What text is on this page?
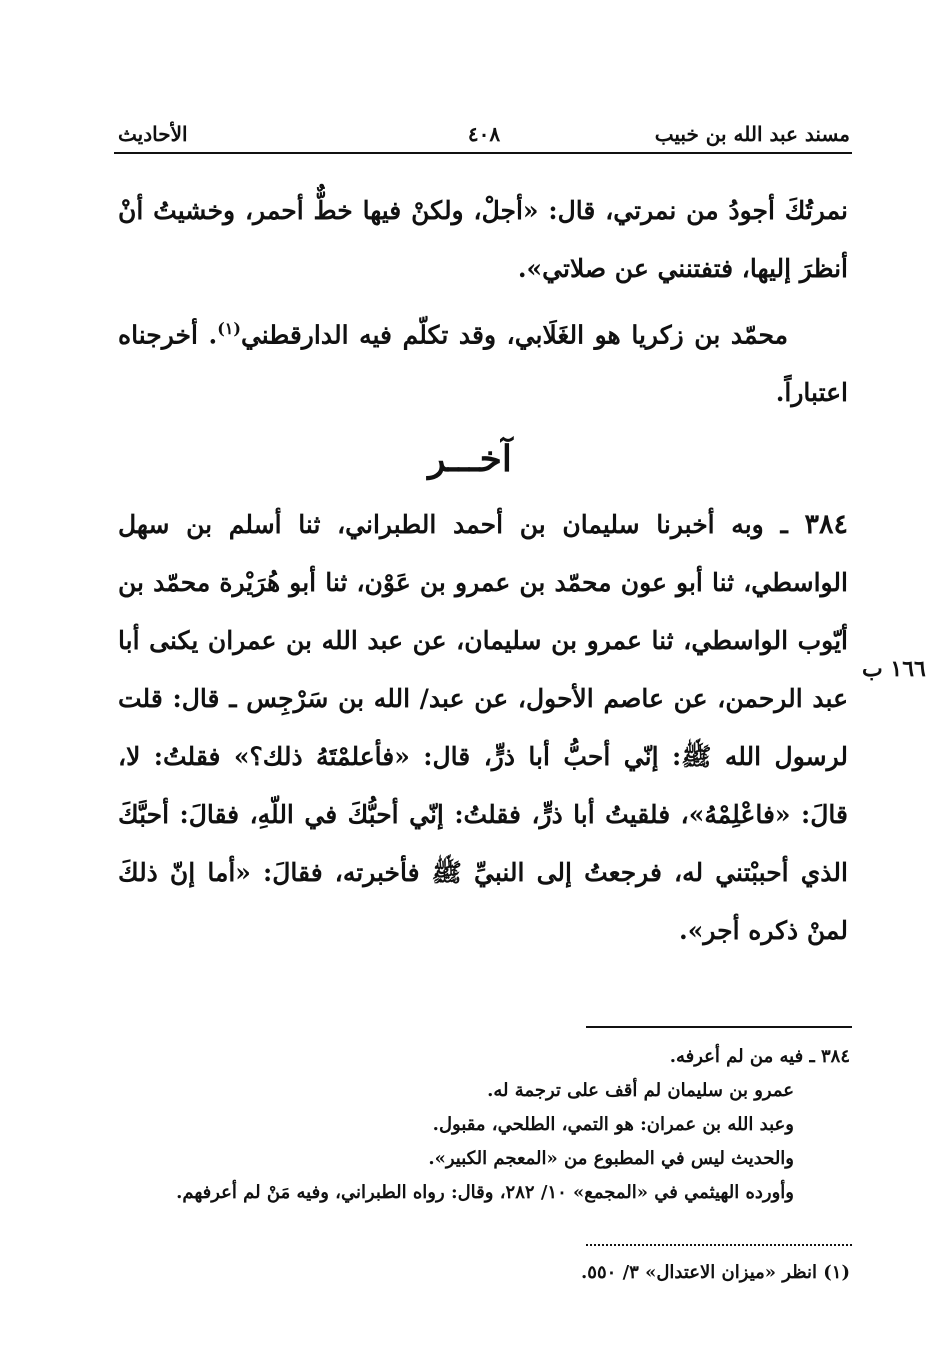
الأحاديث	٤٠٨	مسند عبد الله بن خبيب

نمرتُكَ أجودُ من نمرتي، قال: «أجلْ، ولكنْ فيها خطٌّ أحمر، وخشيتُ أنْ أنظرَ إليها، فتفتنني عن صلاتي».

محمّد بن زكريا هو الغَلَابي، وقد تكلّم فيه الدارقطني$^{(١)}$. أخرجناه اعتباراً.

آخـــر

٣٨٤ ـ وبه أخبرنا سليمان بن أحمد الطبراني، ثنا أسلم بن سهل الواسطي، ثنا أبو عون محمّد بن عمرو بن عَوْن، ثنا أبو هُرَيْرة محمّد بن أيّوب الواسطي، ثنا عمرو بن سليمان، عن عبد الله بن عمران يكنى أبا عبد الرحمن، عن عاصم الأحول، عن عبد/ الله بن سَرْجِس ـ قال: قلت لرسول الله ﷺ: إنّي أحبُّ أبا ذرٍّ، قال: «فأعلمْتَهُ ذلك؟» فقلتُ: لا، قالَ: «فاعْلِمْهُ»، فلقيتُ أبا ذرٍّ، فقلتُ: إنّي أحبُّكَ في اللّهِ، فقالَ: أحبَّكَ الذي أحببْتني له، فرجعتُ إلى النبيِّ ﷺ فأخبرته، فقالَ: «أما إنّ ذلكَ لمنْ ذكره أجر».

١٦٦ ب

٣٨٤ ـ فيه من لم أعرفه.

عمرو بن سليمان لم أقف على ترجمة له.

وعبد الله بن عمران: هو التمي، الطلحي، مقبول.

والحديث ليس في المطبوع من «المعجم الكبير».

وأورده الهيثمي في «المجمع» ١٠/ ٢٨٢، وقال: رواه الطبراني، وفيه مَنْ لم أعرفهم.

(١) انظر «ميزان الاعتدال» ٣/ ٥٥٠.
